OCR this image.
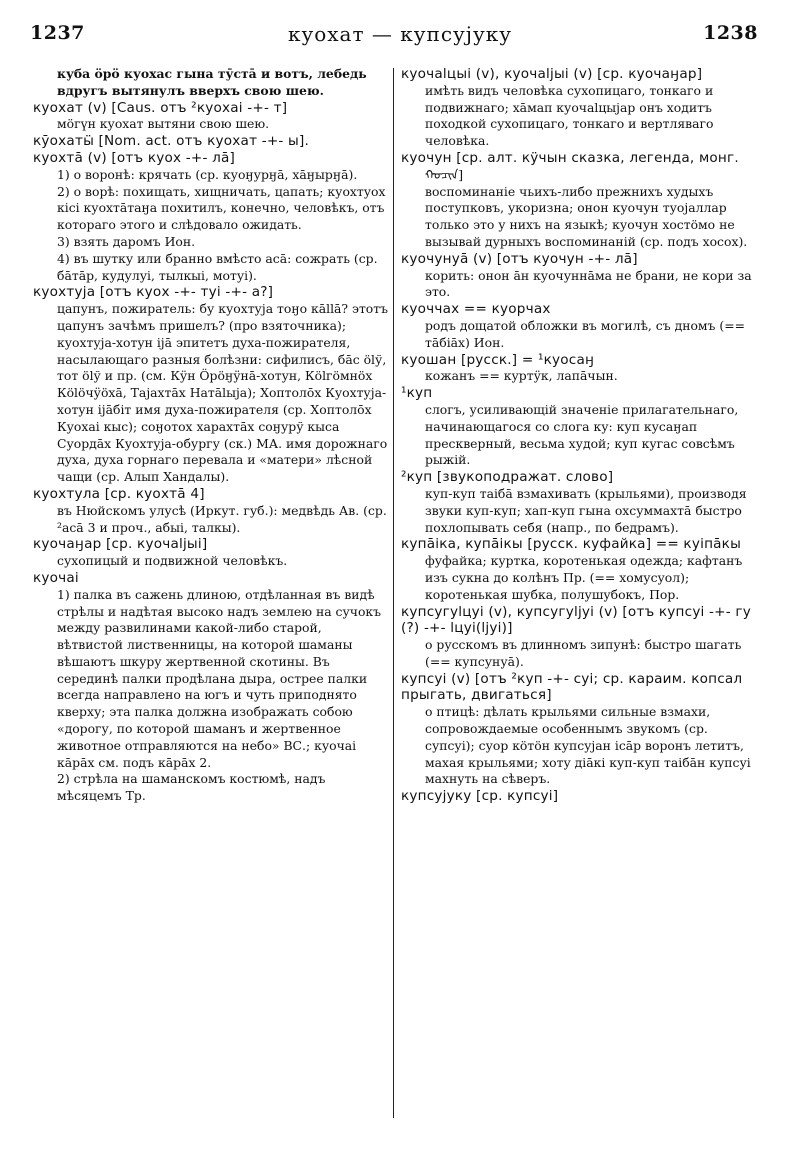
1237	куохат — купсујуку	1238
куба öрö куохас гына тӯстā и вотъ, лебедь вдругъ вытянулъ вверхъ свою шею.
куохат (v) [Caus. отъ ²куохаі -+- т]
мöгүн куохат вытяни свою шею.
кӯохатӹ [Nom. act. отъ куохат -+- ы].
куохтā (v) [отъ куох -+- лā]
1) о воронѣ: крячать (ср. куоӈурӈā, хāӈырӈā).
2) о ворѣ: похищать, хищничать, цапать; куохтуох кісі куохтāтаӈа похитилъ, конечно, человѣкъ, отъ котораго этого и слѣдовало ожидать.
3) взять даромъ Ион.
4) въ шутку или бранно вмѣсто асā: сожрать (ср. бāтāр, кудулуі, тылкыі, мотуі).
куохтуја [отъ куох -+- туі -+- а?]
цапунъ, пожиратель: бу куохтуја тоӈо кāllā? этотъ цапунъ зачѣмъ пришелъ? (про взяточника); куохтуја-хотун ijā эпитетъ духа-пожирателя, насылающаго разныя болѣзни: сифилисъ, бāс ölў, тот ölў и пр. (см. Кӱн Öрöӈӱнā-хотун, Кölгöмнöх Кölöчӱöхā, Тајахтāх Натālыја); Хоптолōх Куохтуја-хотун ijāбіт имя духа-пожирателя (ср. Хоптолōх Куохаі кыс); соӈотох харахтāх соӈурў кыса Суордāх Куохтуја-обургу (ск.) МА. имя дорожнаго духа, духа горнаго перевала и «матери» лѣсной чащи (ср. Алып Хандалы).
куохтула [ср. куохтā 4]
въ Нюйскомъ улусѣ (Иркут. губ.): медвѣдь Ав. (ср. ²асā 3 и проч., абыі, талкы).
куочаӈар [ср. куочаlјыі]
сухопицый и подвижной человѣкъ.
куочаі
1) палка въ сажень длиною, отдѣланная въ видѣ стрѣлы и надѣтая высоко надъ землею на сучокъ между развилинами какой-либо старой, вѣтвистой лиственницы, на которой шаманы вѣшаютъ шкуру жертвенной скотины. Въ серединѣ палки продѣлана дыра, острее палки всегда направлено на югъ и чуть приподнято кверху; эта палка должна изображать собою «дорогу, по которой шаманъ и жертвенное животное отправляются на небо» ВС.; куочаі кāрāх см. подъ кāрāх 2.
2) стрѣла на шаманскомъ костюмѣ, надъ мѣсяцемъ Тр.
куочаlцыі (v), куочаlјыі (v) [ср. куочаӈар]
имѣть видъ человѣка сухопицаго, тонкаго и подвижнаго; хāмап куочаlцыјар онъ ходитъ походкой сухопицаго, тонкаго и вертляваго человѣка.
куочун [ср. алт. кӱчын сказка, легенда, монг.
ᠬᠤᠴᠢᠨ]
воспоминаніе чьихъ-либо прежнихъ худыхъ поступковъ, укоризна; онон куочун туојаллар только это у нихъ на языкѣ; куочун хостöмо не вызывай дурныхъ воспоминаній (ср. подъ хосох).
куочунуā (v) [отъ куочун -+- лā]
корить: онон āн куочуннāма не брани, не кори за это.
куоччах == куорчах
родъ дощатой обложки въ могилѣ, съ дномъ (== тāбіāх) Ион.
куошан [русск.] = ¹куосаӈ
кожанъ == куртӱк, лапāчын.
¹куп
слогъ, усиливающій значеніе прилагательнаго, начинающагося со слога ку: куп кусаӈап прескверный, весьма худой; куп кугас совсѣмъ рыжій.
²куп [звукоподражат. слово]
куп-куп таібā взмахивать (крыльями), производя звуки куп-куп; хап-куп гына охсуммахтā быстро похлопывать себя (напр., по бедрамъ).
купāіка, купāікы [русск. куфайка] == куіпāкы
фуфайка; куртка, коротенькая одежда; кафтанъ изъ сукна до колѣнъ Пр. (== хомусуол); коротенькая шубка, полушубокъ, Пор.
купсугуlцуі (v), купсугуlјуі (v) [отъ купсуі -+- гу (?) -+- lцуі(lјуі)]
о русскомъ въ длинномъ зипунѣ: быстро шагать (== купсунуā).
купсуі (v) [отъ ²куп -+- суі; ср. караим. копсал прыгать, двигаться]
о птицѣ: дѣлать крыльями сильные взмахи, сопровождаемые особеннымъ звукомъ (ср. супсуі); суор кöтöн купсујан ісāр воронъ летитъ, махая крыльями; хоту діāкі куп-куп таібāн купсуі махнуть на сѣверъ.
купсујуку [ср. купсуі]
